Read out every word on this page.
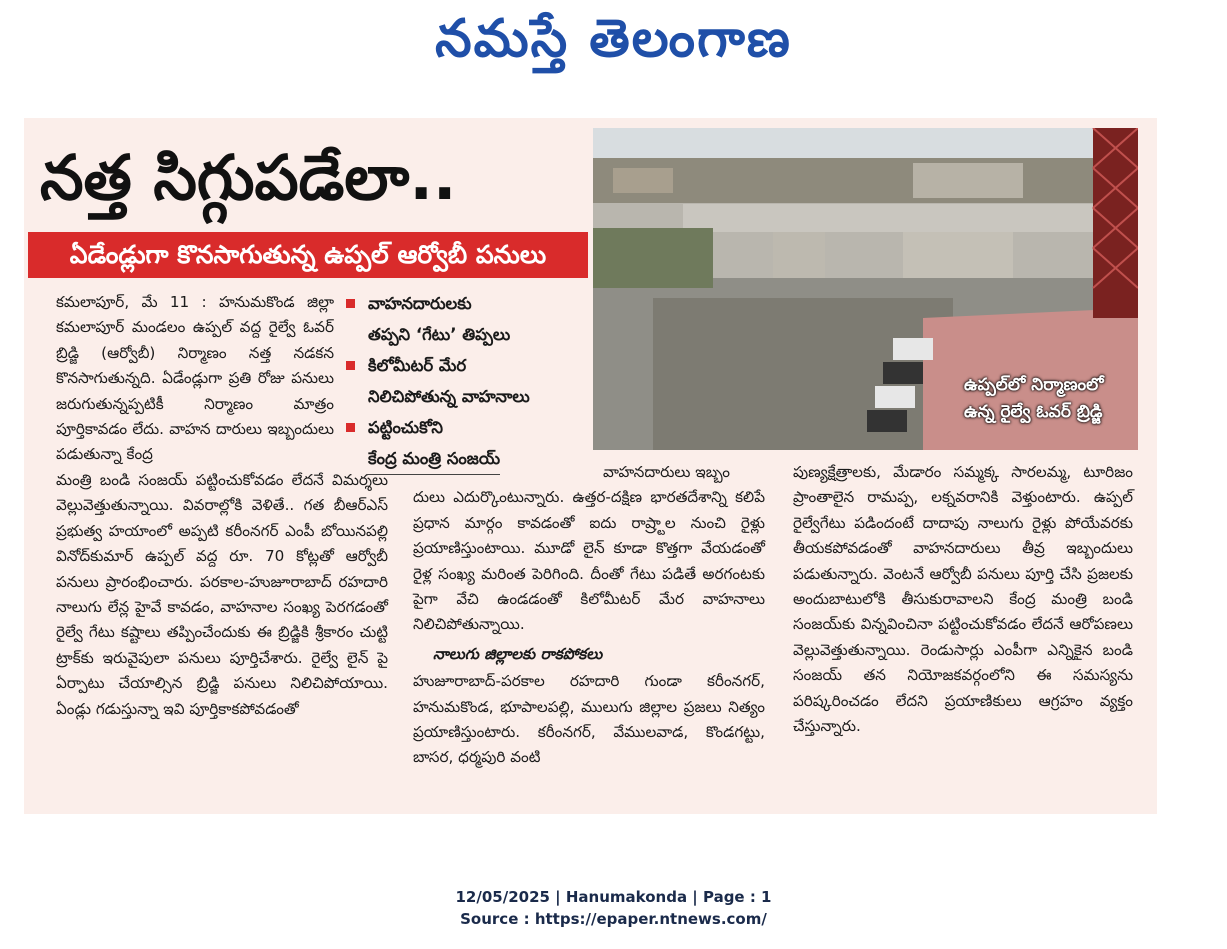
నమస్తే తెలంగాణ
నత్త సిగ్గుపడేలా..
ఏడేండ్లుగా కొనసాగుతున్న ఉప్పల్ ఆర్వోబీ పనులు
ఉప్పల్‌లో నిర్మాణంలో
ఉన్న రైల్వే ఓవర్ బ్రిడ్జి
వాహనదారులకు
తప్పని ‘గేటు’ తిప్పలు
కిలోమీటర్ మేర
నిలిచిపోతున్న వాహనాలు
పట్టించుకోని
కేంద్ర మంత్రి సంజయ్

కమలాపూర్, మే 11 : హనుమకొండ జిల్లా కమలాపూర్ మండలం ఉప్పల్ వద్ద రైల్వే ఓవర్ బ్రిడ్జి (ఆర్వోబీ) నిర్మాణం నత్త నడకన కొనసాగుతున్నది. ఏడేండ్లుగా ప్రతి రోజు పనులు జరుగుతున్నప్పటికీ నిర్మాణం మాత్రం పూర్తికావడం లేదు. వాహన దారులు ఇబ్బందులు పడుతున్నా కేంద్ర

మంత్రి బండి సంజయ్ పట్టించుకోవడం లేదనే విమర్శలు వెల్లువెత్తుతున్నాయి. వివరాల్లోకి వెళితే.. గత బీఆర్ఎస్ ప్రభుత్వ హయాంలో అప్పటి కరీంనగర్ ఎంపీ బోయినపల్లి వినోద్‌కుమార్ ఉప్పల్ వద్ద రూ. 70 కోట్లతో ఆర్వోబీ పనులు ప్రారంభించారు. పరకాల-హుజూరాబాద్ రహదారి నాలుగు లేన్ల హైవే కావడం, వాహనాల సంఖ్య పెరగడంతో రైల్వే గేటు కష్టాలు తప్పించేందుకు ఈ బ్రిడ్జికి శ్రీకారం చుట్టి ట్రాక్‌కు ఇరువైపులా పనులు పూర్తిచేశారు. రైల్వే లైన్ పై ఏర్పాటు చేయాల్సిన బ్రిడ్జి పనులు నిలిచిపోయాయి. ఏండ్లు గడుస్తున్నా ఇవి పూర్తికాకపోవడంతో

వాహనదారులు ఇబ్బం

దులు ఎదుర్కొంటున్నారు. ఉత్తర-దక్షిణ భారతదేశాన్ని కలిపే ప్రధాన మార్గం కావడంతో ఐదు రాష్ర్టాల నుంచి రైళ్లు ప్రయాణిస్తుంటాయి. మూడో లైన్ కూడా కొత్తగా వేయడంతో రైళ్ల సంఖ్య మరింత పెరిగింది. దీంతో గేటు పడితే అరగంటకు పైగా వేచి ఉండడంతో కిలోమీటర్ మేర వాహనాలు నిలిచిపోతున్నాయి.

నాలుగు జిల్లాలకు రాకపోకలు

హుజూరాబాద్-పరకాల రహదారి గుండా కరీంనగర్, హనుమకొండ, భూపాలపల్లి, ములుగు జిల్లాల ప్రజలు నిత్యం ప్రయాణిస్తుంటారు. కరీంనగర్, వేములవాడ, కొండగట్టు, బాసర, ధర్మపురి వంటి

పుణ్యక్షేత్రాలకు, మేడారం సమ్మక్క సారలమ్మ, టూరిజం ప్రాంతాలైన రామప్ప, లక్నవరానికి వెళ్తుంటారు. ఉప్పల్ రైల్వేగేటు పడిందంటే దాదాపు నాలుగు రైళ్లు పోయేవరకు తీయకపోవడంతో వాహనదారులు తీవ్ర ఇబ్బందులు పడుతున్నారు. వెంటనే ఆర్వోబీ పనులు పూర్తి చేసి ప్రజలకు అందుబాటులోకి తీసుకురావాలని కేంద్ర మంత్రి బండి సంజయ్‌కు విన్నవించినా పట్టించుకోవడం లేదనే ఆరోపణలు వెల్లువెత్తుతున్నాయి. రెండుసార్లు ఎంపీగా ఎన్నికైన బండి సంజయ్ తన నియోజకవర్గంలోని ఈ సమస్యను పరిష్కరించడం లేదని ప్రయాణికులు ఆగ్రహం వ్యక్తం చేస్తున్నారు.

12/05/2025 | Hanumakonda | Page : 1
Source : https://epaper.ntnews.com/
